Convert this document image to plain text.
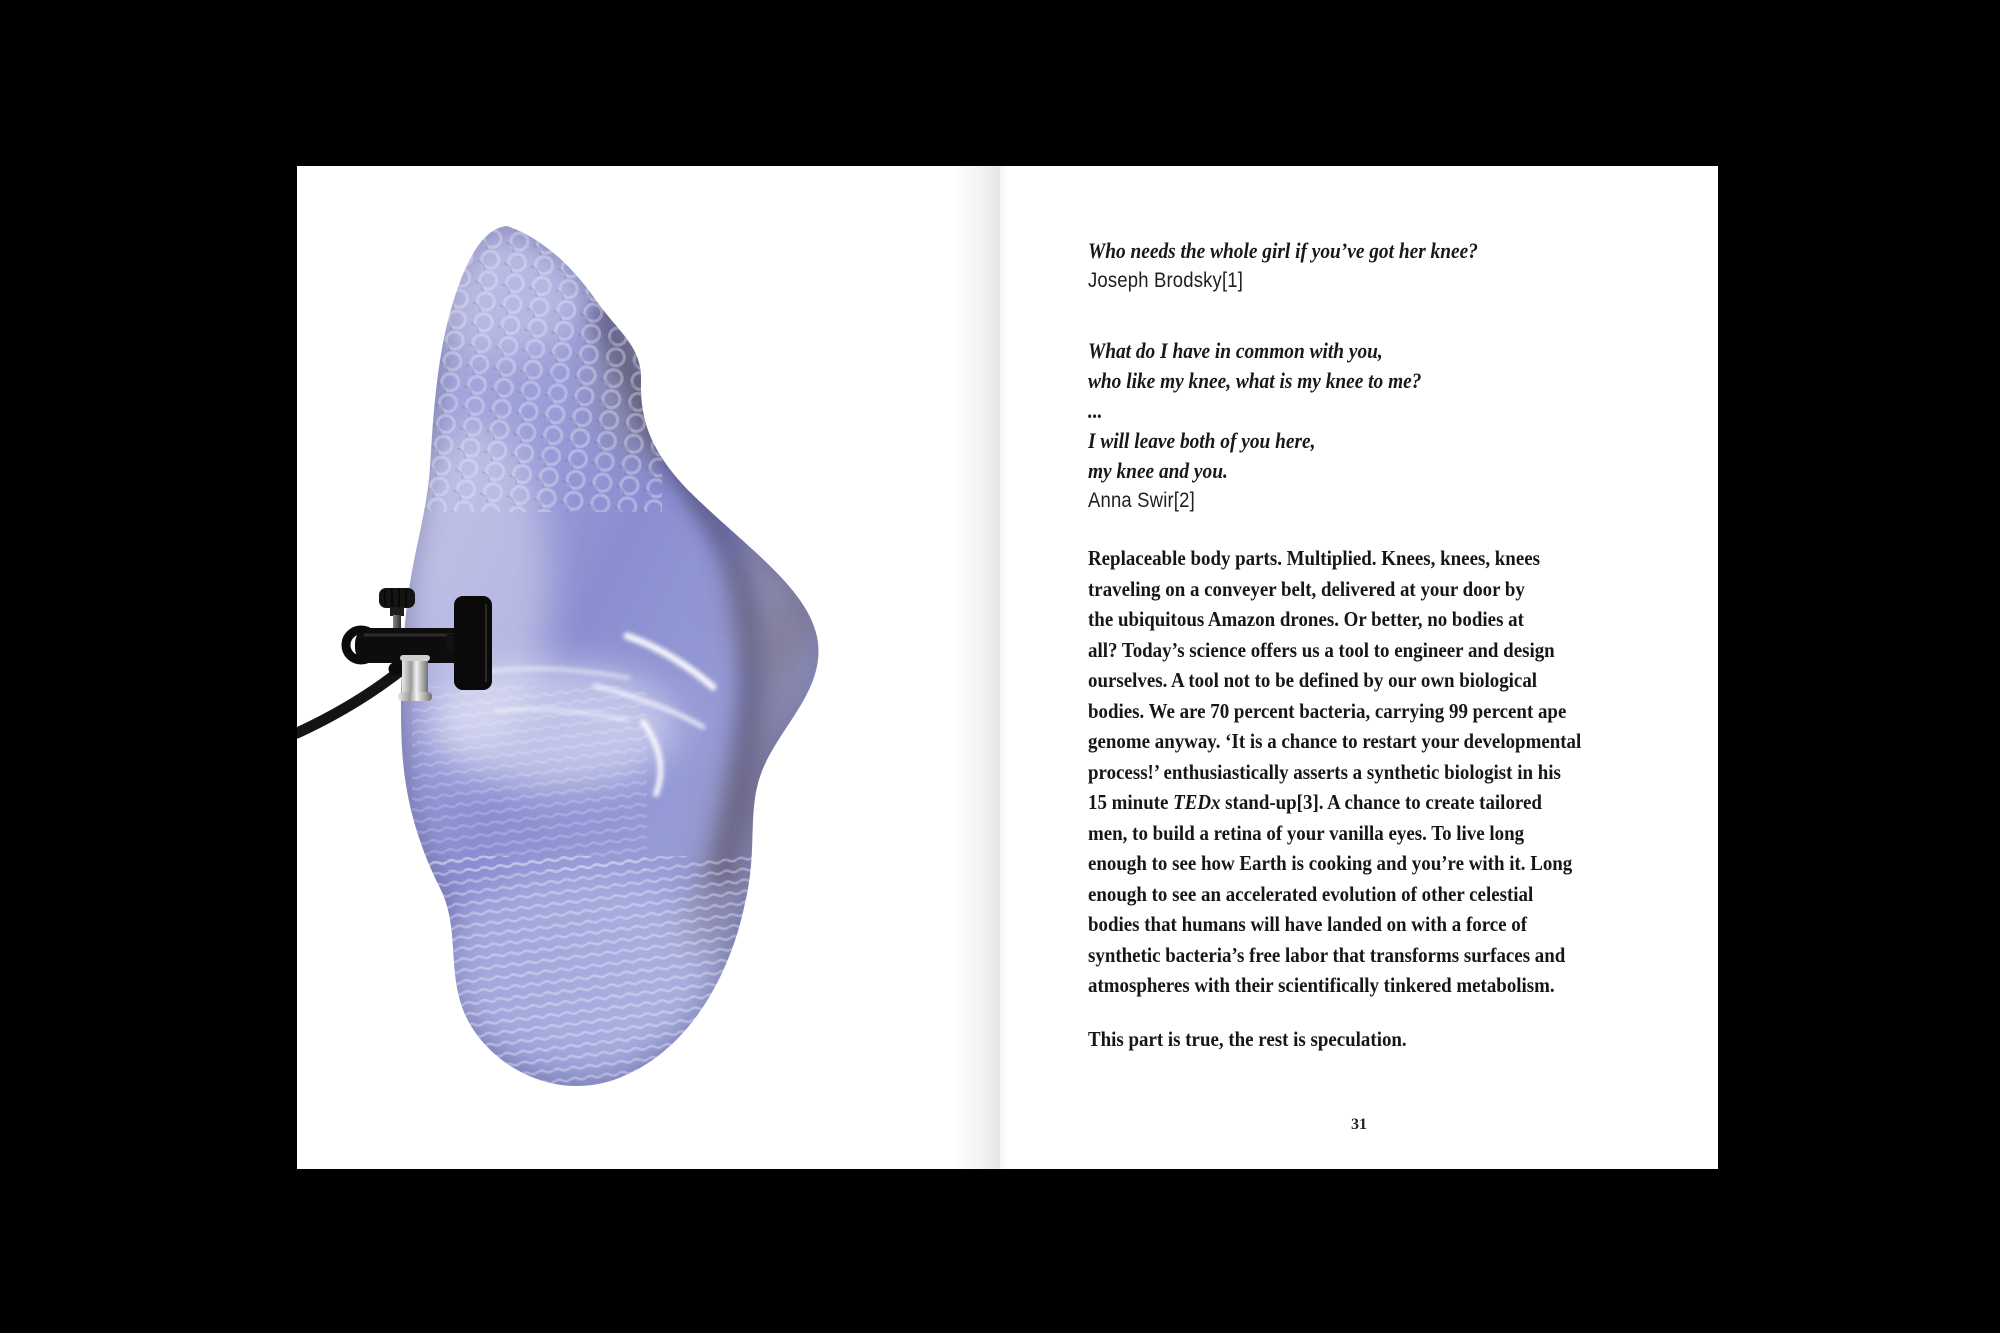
Who needs the whole girl if you’ve got her knee?
Joseph Brodsky[1]
What do I have in common with you,
who like my knee, what is my knee to me?
...
I will leave both of you here,
my knee and you.
Anna Swir[2]
Replaceable body parts. Multiplied. Knees, knees, knees
traveling on a conveyer belt, delivered at your door by
the ubiquitous Amazon drones. Or better, no bodies at
all? Today’s science offers us a tool to engineer and design
ourselves. A tool not to be defined by our own biological
bodies. We are 70 percent bacteria, carrying 99 percent ape
genome anyway. ‘It is a chance to restart your developmental
process!’ enthusiastically asserts a synthetic biologist in his
15 minute TEDx stand-up[3]. A chance to create tailored
men, to build a retina of your vanilla eyes. To live long
enough to see how Earth is cooking and you’re with it. Long
enough to see an accelerated evolution of other celestial
bodies that humans will have landed on with a force of
synthetic bacteria’s free labor that transforms surfaces and
atmospheres with their scientifically tinkered metabolism.
This part is true, the rest is speculation.
31
